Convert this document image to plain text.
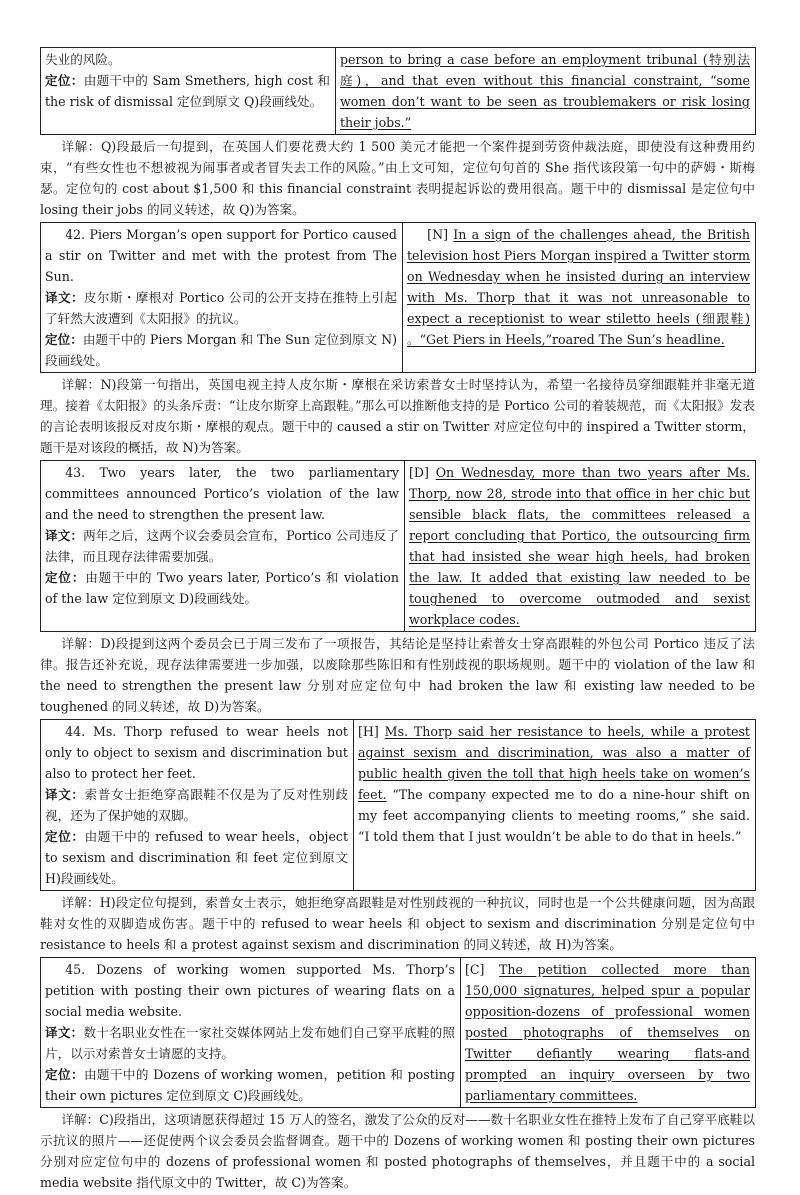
失业的风险。

定位：由题干中的 Sam Smethers, high cost 和 the risk of dismissal 定位到原文 Q)段画线处。

	person to bring a case before an employment tribunal (特别法庭)，and that even without this financial constraint, “some women don’t want to be seen as troublemakers or risk losing their jobs.”

详解：Q)段最后一句提到，在英国人们要花费大约 1 500 美元才能把一个案件提到劳资仲裁法庭，即使没有这种费用约束，“有些女性也不想被视为闹事者或者冒失去工作的风险。”由上文可知，定位句句首的 She 指代该段第一句中的萨姆・斯梅瑟。定位句的 cost about $1,500 和 this financial constraint 表明提起诉讼的费用很高。题干中的 dismissal 是定位句中 losing their jobs 的同义转述，故 Q)为答案。

42. Piers Morgan’s open support for Portico caused a stir on Twitter and met with the protest from The Sun.

译文：皮尔斯・摩根对 Portico 公司的公开支持在推特上引起了轩然大波遭到《太阳报》的抗议。

定位：由题干中的 Piers Morgan 和 The Sun 定位到原文 N)段画线处。

	[N] In a sign of the challenges ahead, the British television host Piers Morgan inspired a Twitter storm on Wednesday when he insisted during an interview with Ms. Thorp that it was not unreasonable to expect a receptionist to wear stiletto heels (细跟鞋) 。“Get Piers in Heels,”roared The Sun’s headline.

详解：N)段第一句指出，英国电视主持人皮尔斯・摩根在采访索普女士时坚持认为，希望一名接待员穿细跟鞋并非毫无道理。接着《太阳报》的头条斥责：“让皮尔斯穿上高跟鞋。”那么可以推断他支持的是 Portico 公司的着装规范，而《太阳报》发表的言论表明该报反对皮尔斯・摩根的观点。题干中的 caused a stir on Twitter 对应定位句中的 inspired a Twitter storm，题干是对该段的概括，故 N)为答案。

43. Two years later, the two parliamentary committees announced Portico’s violation of the law and the need to strengthen the present law.

译文：两年之后，这两个议会委员会宣布，Portico 公司违反了法律，而且现存法律需要加强。

定位：由题干中的 Two years later, Portico’s 和 violation of the law 定位到原文 D)段画线处。

	[D] On Wednesday, more than two years after Ms. Thorp, now 28, strode into that office in her chic but sensible black flats, the committees released a report concluding that Portico, the outsourcing firm that had insisted she wear high heels, had broken the law. It added that existing law needed to be toughened to overcome outmoded and sexist workplace codes.

详解：D)段提到这两个委员会已于周三发布了一项报告，其结论是坚持让索普女士穿高跟鞋的外包公司 Portico 违反了法律。报告还补充说，现存法律需要进一步加强，以废除那些陈旧和有性别歧视的职场规则。题干中的 violation of the law 和 the need to strengthen the present law 分别对应定位句中 had broken the law 和 existing law needed to be toughened 的同义转述，故 D)为答案。

44. Ms. Thorp refused to wear heels not only to object to sexism and discrimination but also to protect her feet.

译文：索普女士拒绝穿高跟鞋不仅是为了反对性别歧视，还为了保护她的双脚。

定位：由题干中的 refused to wear heels，object to sexism and discrimination 和 feet 定位到原文 H)段画线处。

	[H] Ms. Thorp said her resistance to heels, while a protest against sexism and discrimination, was also a matter of public health given the toll that high heels take on women’s feet. “The company expected me to do a nine-hour shift on my feet accompanying clients to meeting rooms,” she said. “I told them that I just wouldn’t be able to do that in heels.”

详解：H)段定位句提到，索普女士表示，她拒绝穿高跟鞋是对性别歧视的一种抗议，同时也是一个公共健康问题，因为高跟鞋对女性的双脚造成伤害。题干中的 refused to wear heels 和 object to sexism and discrimination 分别是定位句中 resistance to heels 和 a protest against sexism and discrimination 的同义转述，故 H)为答案。

45. Dozens of working women supported Ms. Thorp’s petition with posting their own pictures of wearing flats on a social media website.

译文：数十名职业女性在一家社交媒体网站上发布她们自己穿平底鞋的照片，以示对索普女士请愿的支持。

定位：由题干中的 Dozens of working women，petition 和 posting their own pictures 定位到原文 C)段画线处。

	[C] The petition collected more than 150,000 signatures, helped spur a popular opposition-dozens of professional women posted photographs of themselves on Twitter defiantly wearing flats-and prompted an inquiry overseen by two parliamentary committees.

详解：C)段指出，这项请愿获得超过 15 万人的签名，激发了公众的反对——数十名职业女性在推特上发布了自己穿平底鞋以示抗议的照片——还促使两个议会委员会监督调查。题干中的 Dozens of working women 和 posting their own pictures 分别对应定位句中的 dozens of professional women 和 posted photographs of themselves，并且题干中的 a social media website 指代原文中的 Twitter，故 C)为答案。
